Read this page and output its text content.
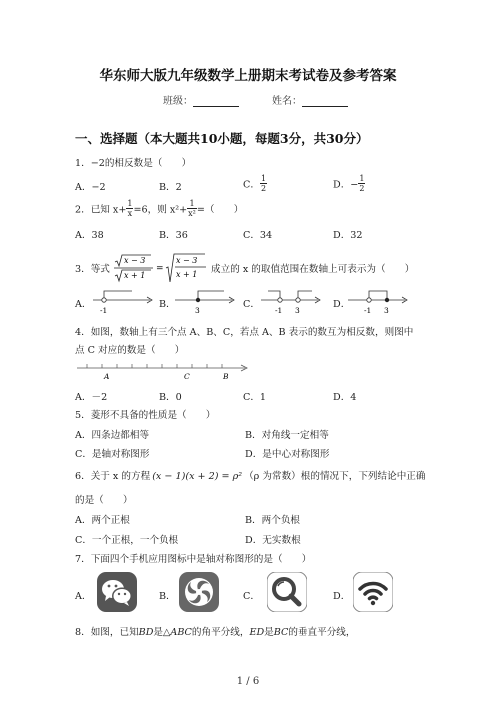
华东师大版九年级数学上册期末考试卷及参考答案
班级：	姓名：
一、选择题（本大题共10小题，每题3分，共30分）
1．−2的相反数是（　　）
A．−2	B．2	C． $\frac{1}{2}$	D．− $\frac{1}{2}$
2．已知 $x+ \frac{1}{x} =6$，则 $x^2+ \frac{1}{\text{x²}}$ =（　　）
A．38	B．36	C．34	D．32
3．等式
x − 3
x + 1
=
x − 3
x + 1 成立的 x 的取值范围在数轴上可表示为（　　）
A．
-1
B．
3
C．
-1 3
D．
-1 3
4．如图，数轴上有三个点 A、B、C，若点 A、B 表示的数互为相反数，则图中
点 C 对应的数是（　　）
A	C	B
A．－2	B．0	C．1	D．4
5．菱形不具备的性质是（　　）
A．四条边都相等	B．对角线一定相等
C．是轴对称图形	D．是中心对称图形
6．关于 x 的方程 (x − 1)(x + 2) = ρ² （ρ 为常数）根的情况下，下列结论中正确
的是（　　）
A．两个正根	B．两个负根
C．一个正根，一个负根	D．无实数根
7．下面四个手机应用图标中是轴对称图形的是（　　）
A．	B．	C．	D．
8．如图，已知BD是△ABC的角平分线，ED是BC的垂直平分线，
1 / 6
